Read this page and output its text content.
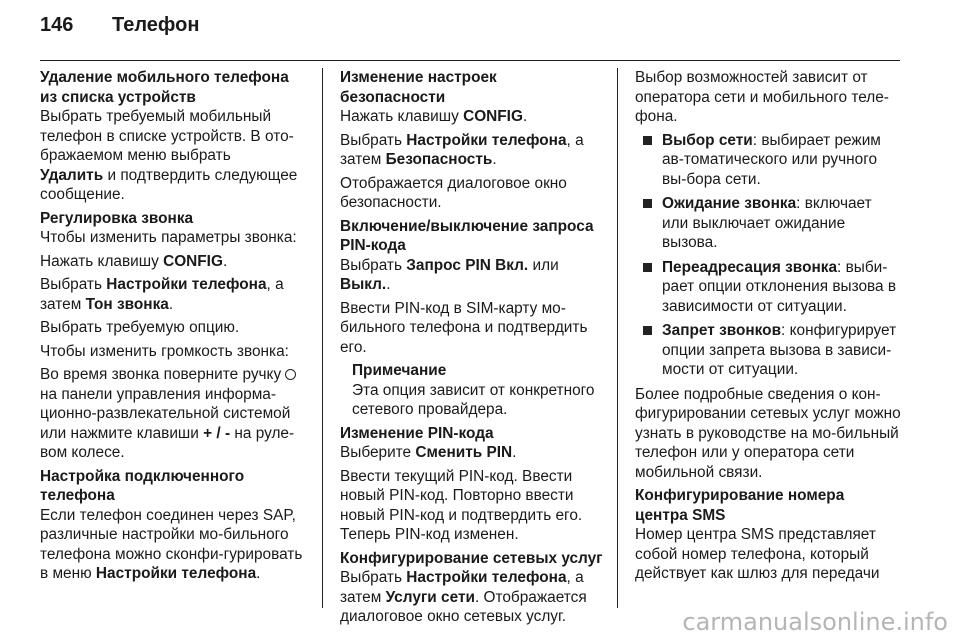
146 Телефон
Удаление мобильного телефона из списка устройств

Выбрать требуемый мобильный телефон в списке устройств. В ото-бражаемом меню выбрать
Удалить и подтвердить следующее сообщение.

Регулировка звонка

Чтобы изменить параметры звонка:

Нажать клавишу CONFIG.

Выбрать Настройки телефона, а затем Тон звонка.

Выбрать требуемую опцию.

Чтобы изменить громкость звонка:

Во время звонка поверните ручку  на панели управления информа-ционно-развлекательной системой или нажмите клавиши + / - на руле-вом колесе.

Настройка подключенного телефона

Если телефон соединен через SAP, различные настройки мо-бильного телефона можно сконфи-гурировать в меню Настройки телефона.

Изменение настроек безопасности

Нажать клавишу CONFIG.

Выбрать Настройки телефона, а затем Безопасность.

Отображается диалоговое окно безопасности.

Включение/выключение запроса PIN-кода

Выбрать Запрос PIN Вкл. или Выкл..

Ввести PIN-код в SIM-карту мо-бильного телефона и подтвердить его.

Примечание
Эта опция зависит от конкретного сетевого провайдера.
Изменение PIN-кода

Выберите Сменить PIN.

Ввести текущий PIN-код. Ввести новый PIN-код. Повторно ввести новый PIN-код и подтвердить его. Теперь PIN-код изменен.

Конфигурирование сетевых услуг

Выбрать Настройки телефона, а затем Услуги сети. Отображается диалоговое окно сетевых услуг.

Выбор возможностей зависит от оператора сети и мобильного теле-фона.

Выбор сети: выбирает режим ав-томатического или ручного вы-бора сети.
Ожидание звонка: включает или выключает ожидание вызова.
Переадресация звонка: выби-рает опции отклонения вызова в зависимости от ситуации.
Запрет звонков: конфигурирует опции запрета вызова в зависи-мости от ситуации.

Более подробные сведения о кон-фигурировании сетевых услуг можно узнать в руководстве на мо-бильный телефон или у оператора сети мобильной связи.

Конфигурирование номера центра SMS

Номер центра SMS представляет собой номер телефона, который действует как шлюз для передачи

carmanualsonline.info
